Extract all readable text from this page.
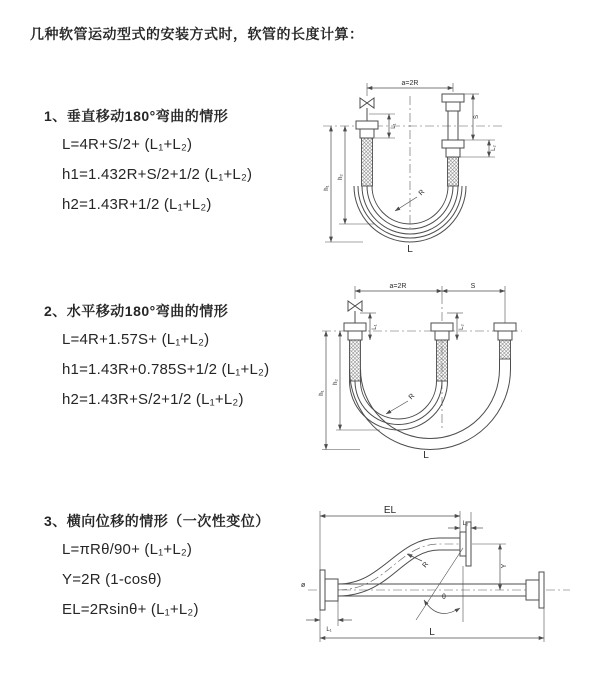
几种软管运动型式的安装方式时，软管的长度计算：
1、垂直移动180°弯曲的情形
L=4R+S/2+ (L₁+L₂)
h1=1.432R+S/2+1/2 (L₁+L₂)
h2=1.43R+1/2 (L₁+L₂)
a=2R
h₂
h₁
L₁
S
L₂
R
L
2、水平移动180°弯曲的情形
L=4R+1.57S+ (L₁+L₂)
h1=1.43R+0.785S+1/2 (L₁+L₂)
h2=1.43R+S/2+1/2 (L₁+L₂)
a=2R	S
h₂
h₁
L₁	L₂
R
L
3、横向位移的情形（一次性变位）
L=πRθ/90+ (L₁+L₂)
Y=2R (1-cosθ)
EL=2Rsinθ+ (L₁+L₂)
ø
EL
L₂
Y
θ
R
L₁	L
